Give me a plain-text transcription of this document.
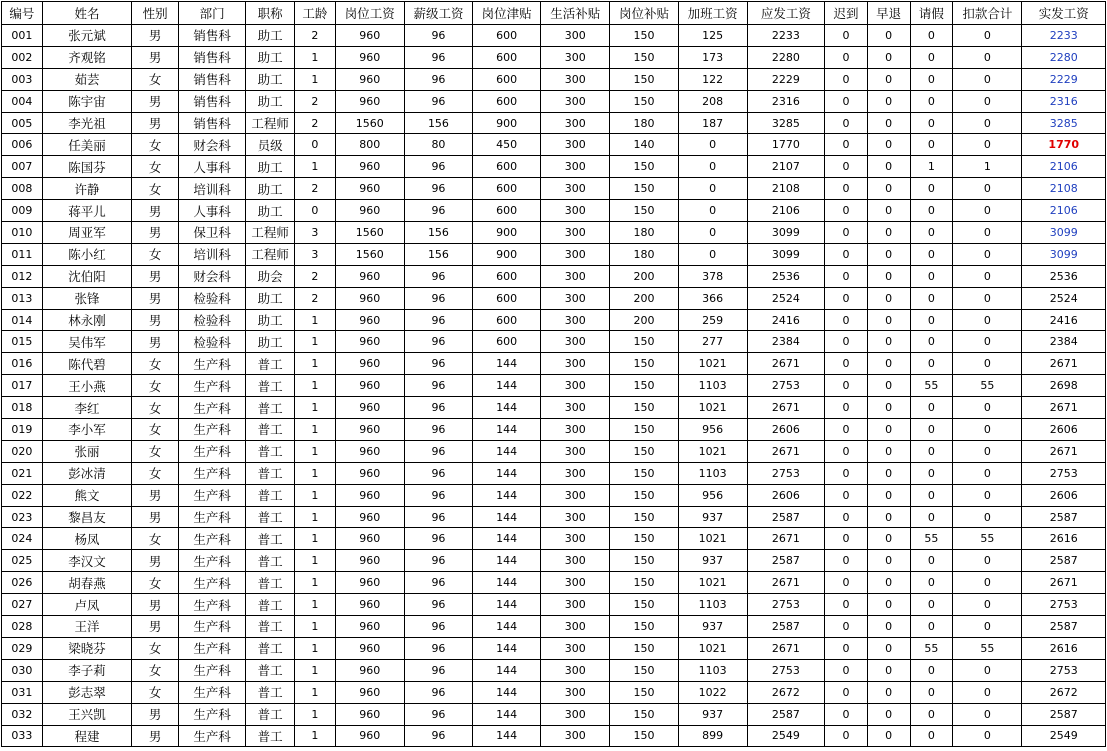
编号	姓名	性别	部门	职称	工龄	岗位工资	薪级工资	岗位津贴	生活补贴	岗位补贴	加班工资	应发工资	迟到	早退	请假	扣款合计	实发工资
001	张元斌	男	销售科	助工	2	960	96	600	300	150	125	2233	0	0	0	0	2233
002	齐观铭	男	销售科	助工	1	960	96	600	300	150	173	2280	0	0	0	0	2280
003	茹芸	女	销售科	助工	1	960	96	600	300	150	122	2229	0	0	0	0	2229
004	陈宇宙	男	销售科	助工	2	960	96	600	300	150	208	2316	0	0	0	0	2316
005	李光祖	男	销售科	工程师	2	1560	156	900	300	180	187	3285	0	0	0	0	3285
006	任美丽	女	财会科	员级	0	800	80	450	300	140	0	1770	0	0	0	0	1770
007	陈国芬	女	人事科	助工	1	960	96	600	300	150	0	2107	0	0	1	1	2106
008	许静	女	培训科	助工	2	960	96	600	300	150	0	2108	0	0	0	0	2108
009	蒋平儿	男	人事科	助工	0	960	96	600	300	150	0	2106	0	0	0	0	2106
010	周亚军	男	保卫科	工程师	3	1560	156	900	300	180	0	3099	0	0	0	0	3099
011	陈小红	女	培训科	工程师	3	1560	156	900	300	180	0	3099	0	0	0	0	3099
012	沈伯阳	男	财会科	助会	2	960	96	600	300	200	378	2536	0	0	0	0	2536
013	张锋	男	检验科	助工	2	960	96	600	300	200	366	2524	0	0	0	0	2524
014	林永刚	男	检验科	助工	1	960	96	600	300	200	259	2416	0	0	0	0	2416
015	吴伟军	男	检验科	助工	1	960	96	600	300	150	277	2384	0	0	0	0	2384
016	陈代碧	女	生产科	普工	1	960	96	144	300	150	1021	2671	0	0	0	0	2671
017	王小燕	女	生产科	普工	1	960	96	144	300	150	1103	2753	0	0	55	55	2698
018	李红	女	生产科	普工	1	960	96	144	300	150	1021	2671	0	0	0	0	2671
019	李小军	女	生产科	普工	1	960	96	144	300	150	956	2606	0	0	0	0	2606
020	张丽	女	生产科	普工	1	960	96	144	300	150	1021	2671	0	0	0	0	2671
021	彭冰清	女	生产科	普工	1	960	96	144	300	150	1103	2753	0	0	0	0	2753
022	熊文	男	生产科	普工	1	960	96	144	300	150	956	2606	0	0	0	0	2606
023	黎昌友	男	生产科	普工	1	960	96	144	300	150	937	2587	0	0	0	0	2587
024	杨凤	女	生产科	普工	1	960	96	144	300	150	1021	2671	0	0	55	55	2616
025	李汉文	男	生产科	普工	1	960	96	144	300	150	937	2587	0	0	0	0	2587
026	胡春燕	女	生产科	普工	1	960	96	144	300	150	1021	2671	0	0	0	0	2671
027	卢凤	男	生产科	普工	1	960	96	144	300	150	1103	2753	0	0	0	0	2753
028	王洋	男	生产科	普工	1	960	96	144	300	150	937	2587	0	0	0	0	2587
029	梁晓芬	女	生产科	普工	1	960	96	144	300	150	1021	2671	0	0	55	55	2616
030	李子莉	女	生产科	普工	1	960	96	144	300	150	1103	2753	0	0	0	0	2753
031	彭志翠	女	生产科	普工	1	960	96	144	300	150	1022	2672	0	0	0	0	2672
032	王兴凯	男	生产科	普工	1	960	96	144	300	150	937	2587	0	0	0	0	2587
033	程建	男	生产科	普工	1	960	96	144	300	150	899	2549	0	0	0	0	2549
